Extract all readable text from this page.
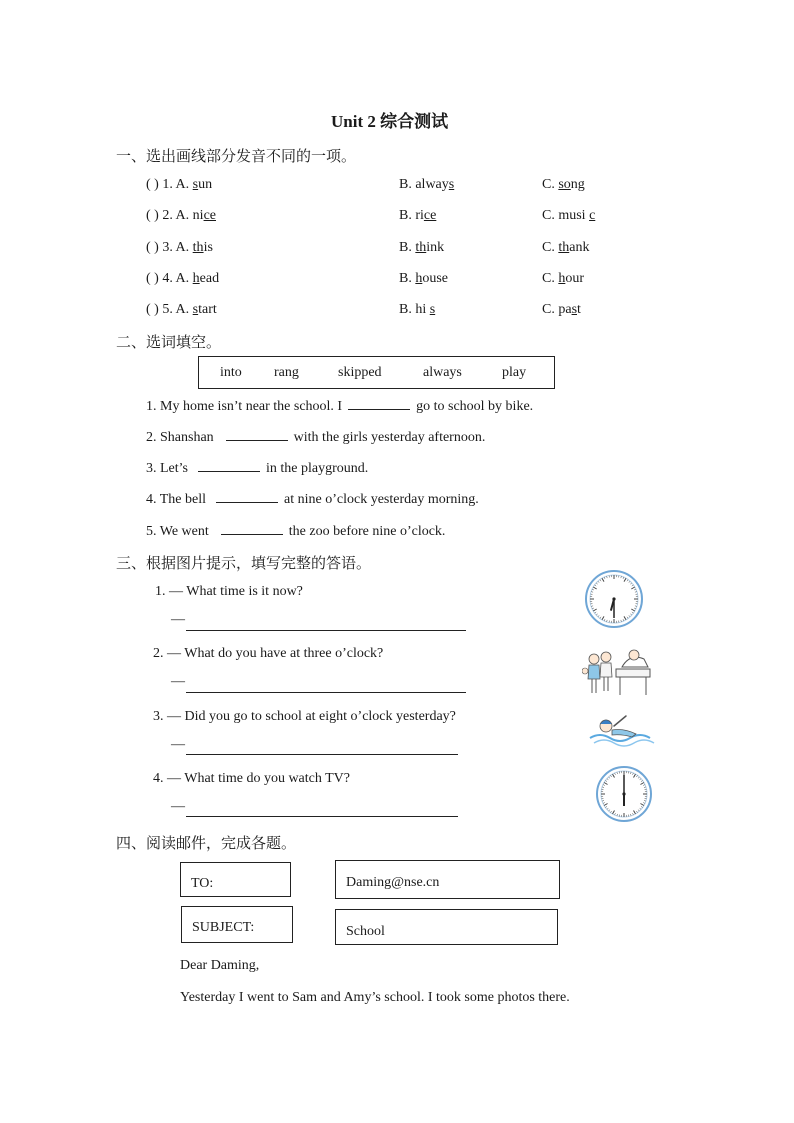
Unit 2 综合测试
一、选出画线部分发音不同的一项。
( ) 1. A. sun	B. always	C. song
( ) 2. A. nice	B. rice	C. musi c
( ) 3. A. this	B. think	C. thank
( ) 4. A. head	B. house	C. hour
( ) 5. A. start	B. hi s	C. past
二、选词填空。
into rang	skipped	always	play
1. My home isn’t near the school. I	go to school by bike.
2. Shanshan	with the girls yesterday afternoon.
3. Let’s	in the playground.
4. The bell	at nine o’clock yesterday morning.
5. We went	the zoo before nine o’clock.
三、根据图片提示，填写完整的答语。
1. — What time is it now?
—
2. — What do you have at three o’clock?
—
3. — Did you go to school at eight o’clock yesterday?
—
4. — What time do you watch TV?
—
四、阅读邮件，完成各题。
TO:	Daming@nse.cn
SUBJECT:	School
Dear Daming,
Yesterday I went to Sam and Amy’s school. I took some photos there.
